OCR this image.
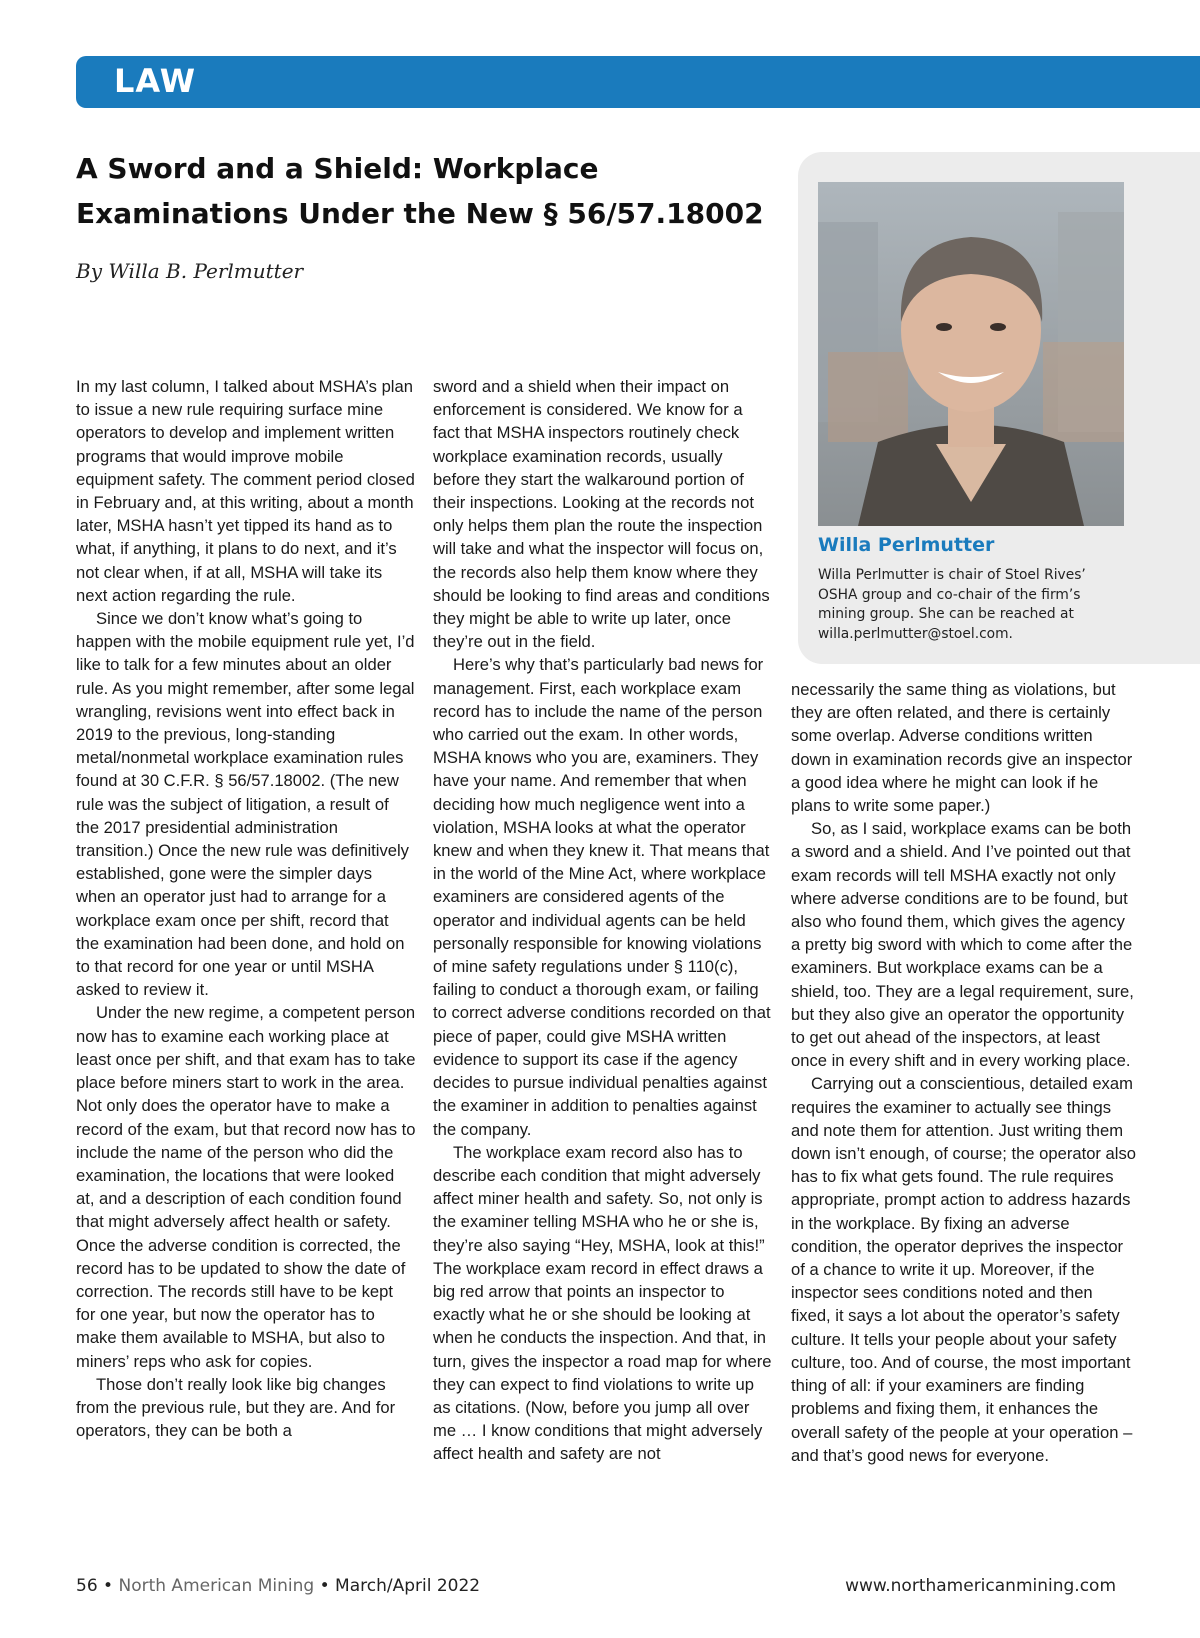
LAW
A Sword and a Shield: Workplace
Examinations Under the New § 56/57.18002

By Willa B. Perlmutter

In my last column, I talked about MSHA’s plan to issue a new rule requiring surface mine operators to develop and implement written programs that would improve mobile equipment safety. The comment period closed in February and, at this writing, about a month later, MSHA hasn’t yet tipped its hand as to what, if anything, it plans to do next, and it’s not clear when, if at all, MSHA will take its next action regarding the rule.

Since we don’t know what’s going to happen with the mobile equipment rule yet, I’d like to talk for a few minutes about an older rule. As you might remember, after some legal wrangling, revisions went into effect back in 2019 to the previous, long-standing metal/nonmetal workplace examination rules found at 30 C.F.R. § 56/57.18002. (The new rule was the subject of litigation, a result of the 2017 presidential administration transition.) Once the new rule was definitively established, gone were the simpler days when an operator just had to arrange for a workplace exam once per shift, record that the examination had been done, and hold on to that record for one year or until MSHA asked to review it.

Under the new regime, a competent person now has to examine each working place at least once per shift, and that exam has to take place before miners start to work in the area. Not only does the operator have to make a record of the exam, but that record now has to include the name of the person who did the examination, the locations that were looked at, and a description of each condition found that might adversely affect health or safety. Once the adverse condition is corrected, the record has to be updated to show the date of correction. The records still have to be kept for one year, but now the operator has to make them available to MSHA, but also to miners’ reps who ask for copies.

Those don’t really look like big changes from the previous rule, but they are. And for operators, they can be both a

sword and a shield when their impact on enforcement is considered. We know for a fact that MSHA inspectors routinely check workplace examination records, usually before they start the walkaround portion of their inspections. Looking at the records not only helps them plan the route the inspection will take and what the inspector will focus on, the records also help them know where they should be looking to find areas and conditions they might be able to write up later, once they’re out in the field.

Here’s why that’s particularly bad news for management. First, each workplace exam record has to include the name of the person who carried out the exam. In other words, MSHA knows who you are, examiners. They have your name. And remember that when deciding how much negligence went into a violation, MSHA looks at what the operator knew and when they knew it. That means that in the world of the Mine Act, where workplace examiners are considered agents of the operator and individual agents can be held personally responsible for knowing violations of mine safety regulations under § 110(c), failing to conduct a thorough exam, or failing to correct adverse conditions recorded on that piece of paper, could give MSHA written evidence to support its case if the agency decides to pursue individual penalties against the examiner in addition to penalties against the company.

The workplace exam record also has to describe each condition that might adversely affect miner health and safety. So, not only is the examiner telling MSHA who he or she is, they’re also saying “Hey, MSHA, look at this!” The workplace exam record in effect draws a big red arrow that points an inspector to exactly what he or she should be looking at when he conducts the inspection. And that, in turn, gives the inspector a road map for where they can expect to find violations to write up as citations. (Now, before you jump all over me … I know conditions that might adversely affect health and safety are not

Willa Perlmutter

Willa Perlmutter is chair of Stoel Rives’ OSHA group and co-chair of the firm’s mining group. She can be reached at willa.perlmutter@stoel.com.

necessarily the same thing as violations, but they are often related, and there is certainly some overlap. Adverse conditions written down in examination records give an inspector a good idea where he might can look if he plans to write some paper.)

So, as I said, workplace exams can be both a sword and a shield. And I’ve pointed out that exam records will tell MSHA exactly not only where adverse conditions are to be found, but also who found them, which gives the agency a pretty big sword with which to come after the examiners. But workplace exams can be a shield, too. They are a legal requirement, sure, but they also give an operator the opportunity to get out ahead of the inspectors, at least once in every shift and in every working place.

Carrying out a conscientious, detailed exam requires the examiner to actually see things and note them for attention. Just writing them down isn’t enough, of course; the operator also has to fix what gets found. The rule requires appropriate, prompt action to address hazards in the workplace. By fixing an adverse condition, the operator deprives the inspector of a chance to write it up. Moreover, if the inspector sees conditions noted and then fixed, it says a lot about the operator’s safety culture. It tells your people about your safety culture, too. And of course, the most important thing of all: if your examiners are finding problems and fixing them, it enhances the overall safety of the people at your operation – and that’s good news for everyone.

56 • North American Mining • March/April 2022	www.northamericanmining.com
